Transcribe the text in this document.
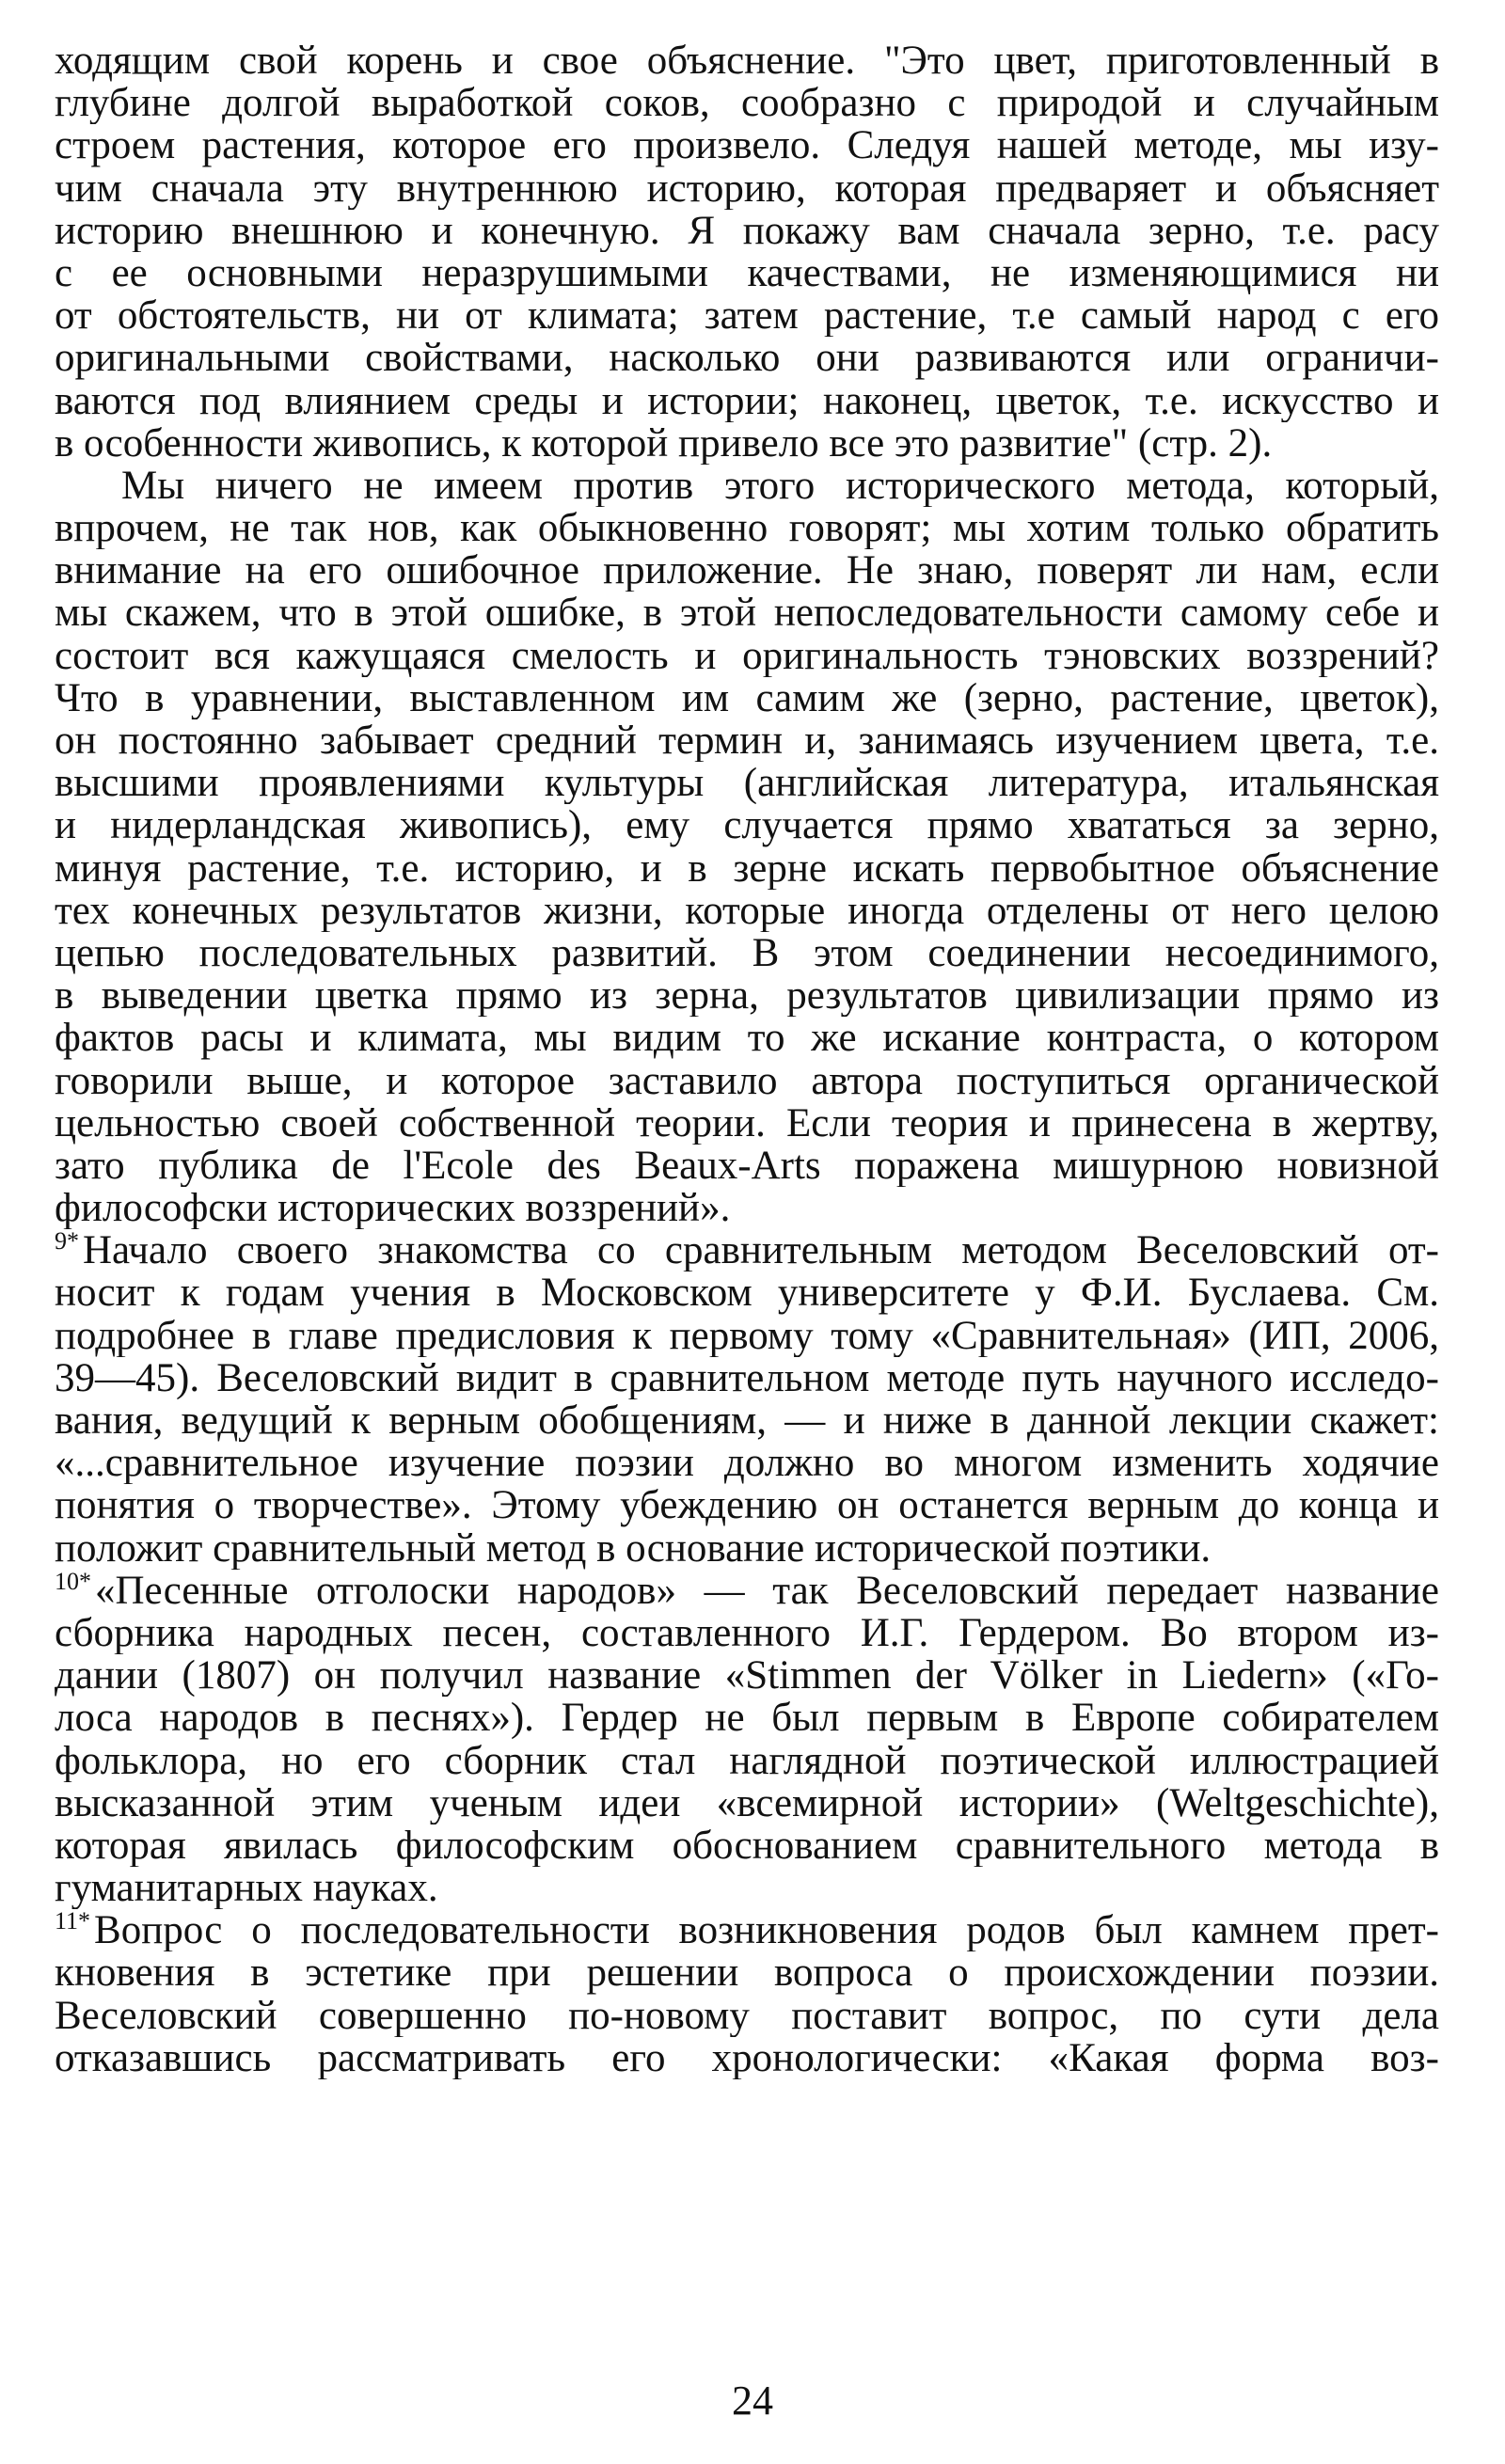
ходящим свой корень и свое объяснение. "Это цвет, приготовленный в
глубине долгой выработкой соков, сообразно с природой и случайным
строем растения, которое его произвело. Следуя нашей методе, мы изу-
чим сначала эту внутреннюю историю, которая предваряет и объясняет
историю внешнюю и конечную. Я покажу вам сначала зерно, т.е. расу
с ее основными неразрушимыми качествами, не изменяющимися ни
от обстоятельств, ни от климата; затем растение, т.е самый народ с его
оригинальными свойствами, насколько они развиваются или ограничи-
ваются под влиянием среды и истории; наконец, цветок, т.е. искусство и
в особенности живопись, к которой привело все это развитие" (стр. 2).
Мы ничего не имеем против этого исторического метода, который,
впрочем, не так нов, как обыкновенно говорят; мы хотим только обратить
внимание на его ошибочное приложение. Не знаю, поверят ли нам, если
мы скажем, что в этой ошибке, в этой непоследовательности самому себе и
состоит вся кажущаяся смелость и оригинальность тэновских воззрений?
Что в уравнении, выставленном им самим же (зерно, растение, цветок),
он постоянно забывает средний термин и, занимаясь изучением цвета, т.е.
высшими проявлениями культуры (английская литература, итальянская
и нидерландская живопись), ему случается прямо хвататься за зерно,
минуя растение, т.е. историю, и в зерне искать первобытное объяснение
тех конечных результатов жизни, которые иногда отделены от него целою
цепью последовательных развитий. В этом соединении несоединимого,
в выведении цветка прямо из зерна, результатов цивилизации прямо из
фактов расы и климата, мы видим то же искание контраста, о котором
говорили выше, и которое заставило автора поступиться органической
цельностью своей собственной теории. Если теория и принесена в жертву,
зато публика de l'Ecole des Beaux-Arts поражена мишурною новизной
философски исторических воззрений».
$^{9*}$Начало своего знакомства со сравнительным методом Веселовский от-
носит к годам учения в Московском университете у Ф.И. Буслаева. См.
подробнее в главе предисловия к первому тому «Сравнительная» (ИП, 2006,
39—45). Веселовский видит в сравнительном методе путь научного исследо-
вания, ведущий к верным обобщениям, — и ниже в данной лекции скажет:
«...сравнительное изучение поэзии должно во многом изменить ходячие
понятия о творчестве». Этому убеждению он останется верным до конца и
положит сравнительный метод в основание исторической поэтики.
$^{10*}$«Песенные отголоски народов» — так Веселовский передает название
сборника народных песен, составленного И.Г. Гердером. Во втором из-
дании (1807) он получил название «Stimmen der Völker in Liedern» («Го-
лоса народов в песнях»). Гердер не был первым в Европе собирателем
фольклора, но его сборник стал наглядной поэтической иллюстрацией
высказанной этим ученым идеи «всемирной истории» (Weltgeschichte),
которая явилась философским обоснованием сравнительного метода в
гуманитарных науках.
$^{11*}$Вопрос о последовательности возникновения родов был камнем прет-
кновения в эстетике при решении вопроса о происхождении поэзии.
Веселовский совершенно по-новому поставит вопрос, по сути дела
отказавшись рассматривать его хронологически: «Какая форма воз-
24
